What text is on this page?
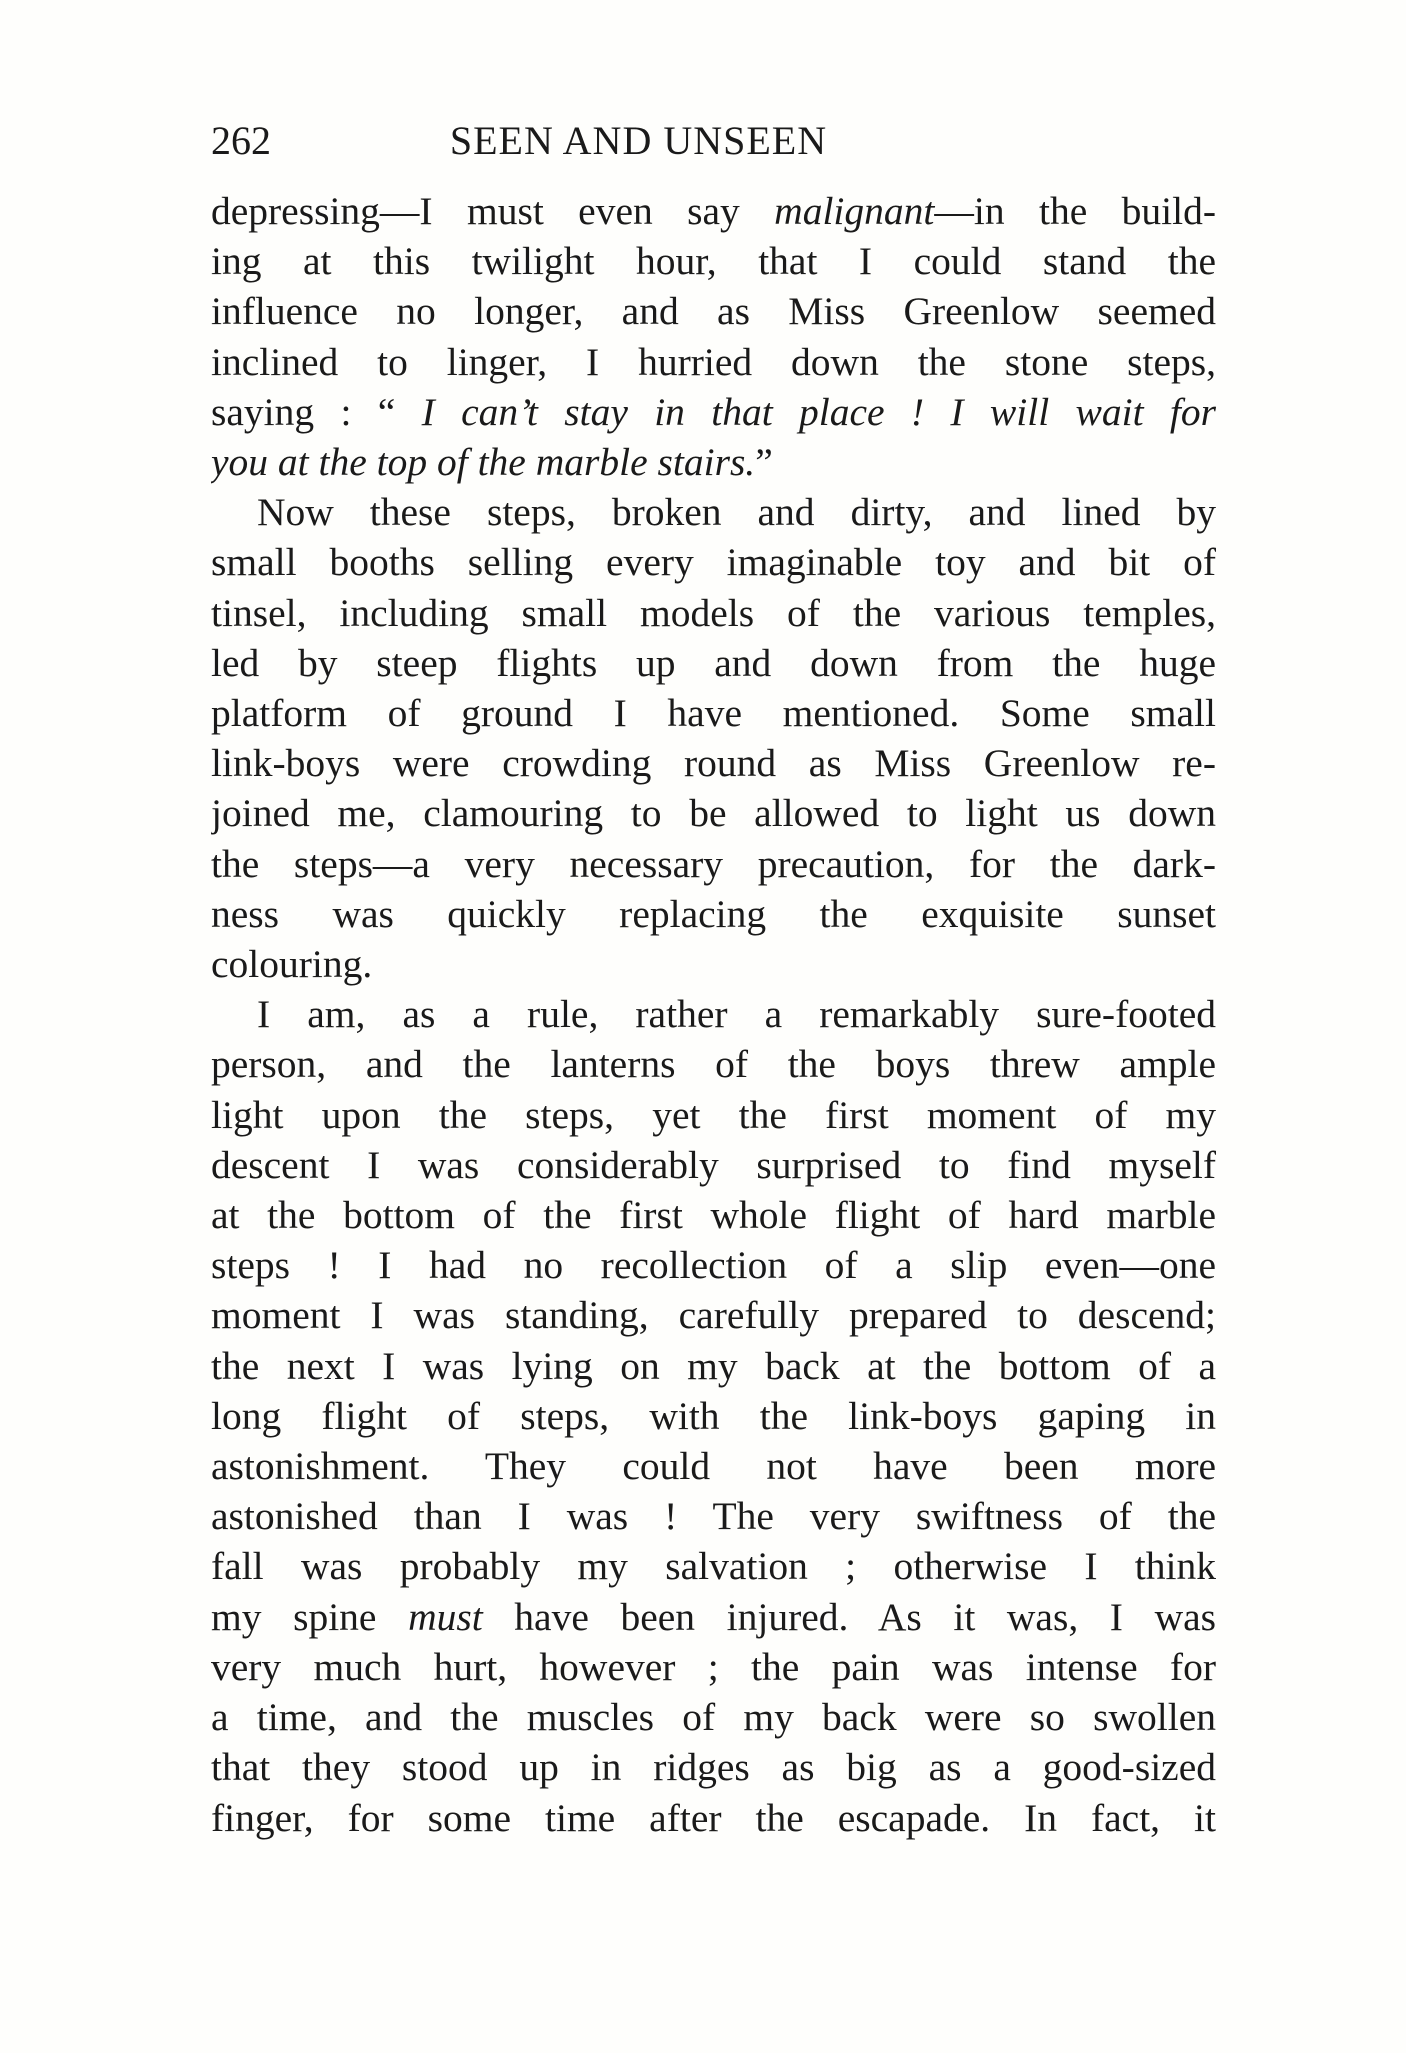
262	SEEN AND UNSEEN
depressing—I must even say malignant—in the build-
ing at this twilight hour, that I could stand the
influence no longer, and as Miss Greenlow seemed
inclined to linger, I hurried down the stone steps,
saying : “ I can’t stay in that place ! I will wait for
you at the top of the marble stairs.”
Now these steps, broken and dirty, and lined by
small booths selling every imaginable toy and bit of
tinsel, including small models of the various temples,
led by steep flights up and down from the huge
platform of ground I have mentioned. Some small
link-boys were crowding round as Miss Greenlow re-
joined me, clamouring to be allowed to light us down
the steps—a very necessary precaution, for the dark-
ness was quickly replacing the exquisite sunset
colouring.
I am, as a rule, rather a remarkably sure-footed
person, and the lanterns of the boys threw ample
light upon the steps, yet the first moment of my
descent I was considerably surprised to find myself
at the bottom of the first whole flight of hard marble
steps ! I had no recollection of a slip even—one
moment I was standing, carefully prepared to descend;
the next I was lying on my back at the bottom of a
long flight of steps, with the link-boys gaping in
astonishment. They could not have been more
astonished than I was ! The very swiftness of the
fall was probably my salvation ; otherwise I think
my spine must have been injured. As it was, I was
very much hurt, however ; the pain was intense for
a time, and the muscles of my back were so swollen
that they stood up in ridges as big as a good-sized
finger, for some time after the escapade. In fact, it
